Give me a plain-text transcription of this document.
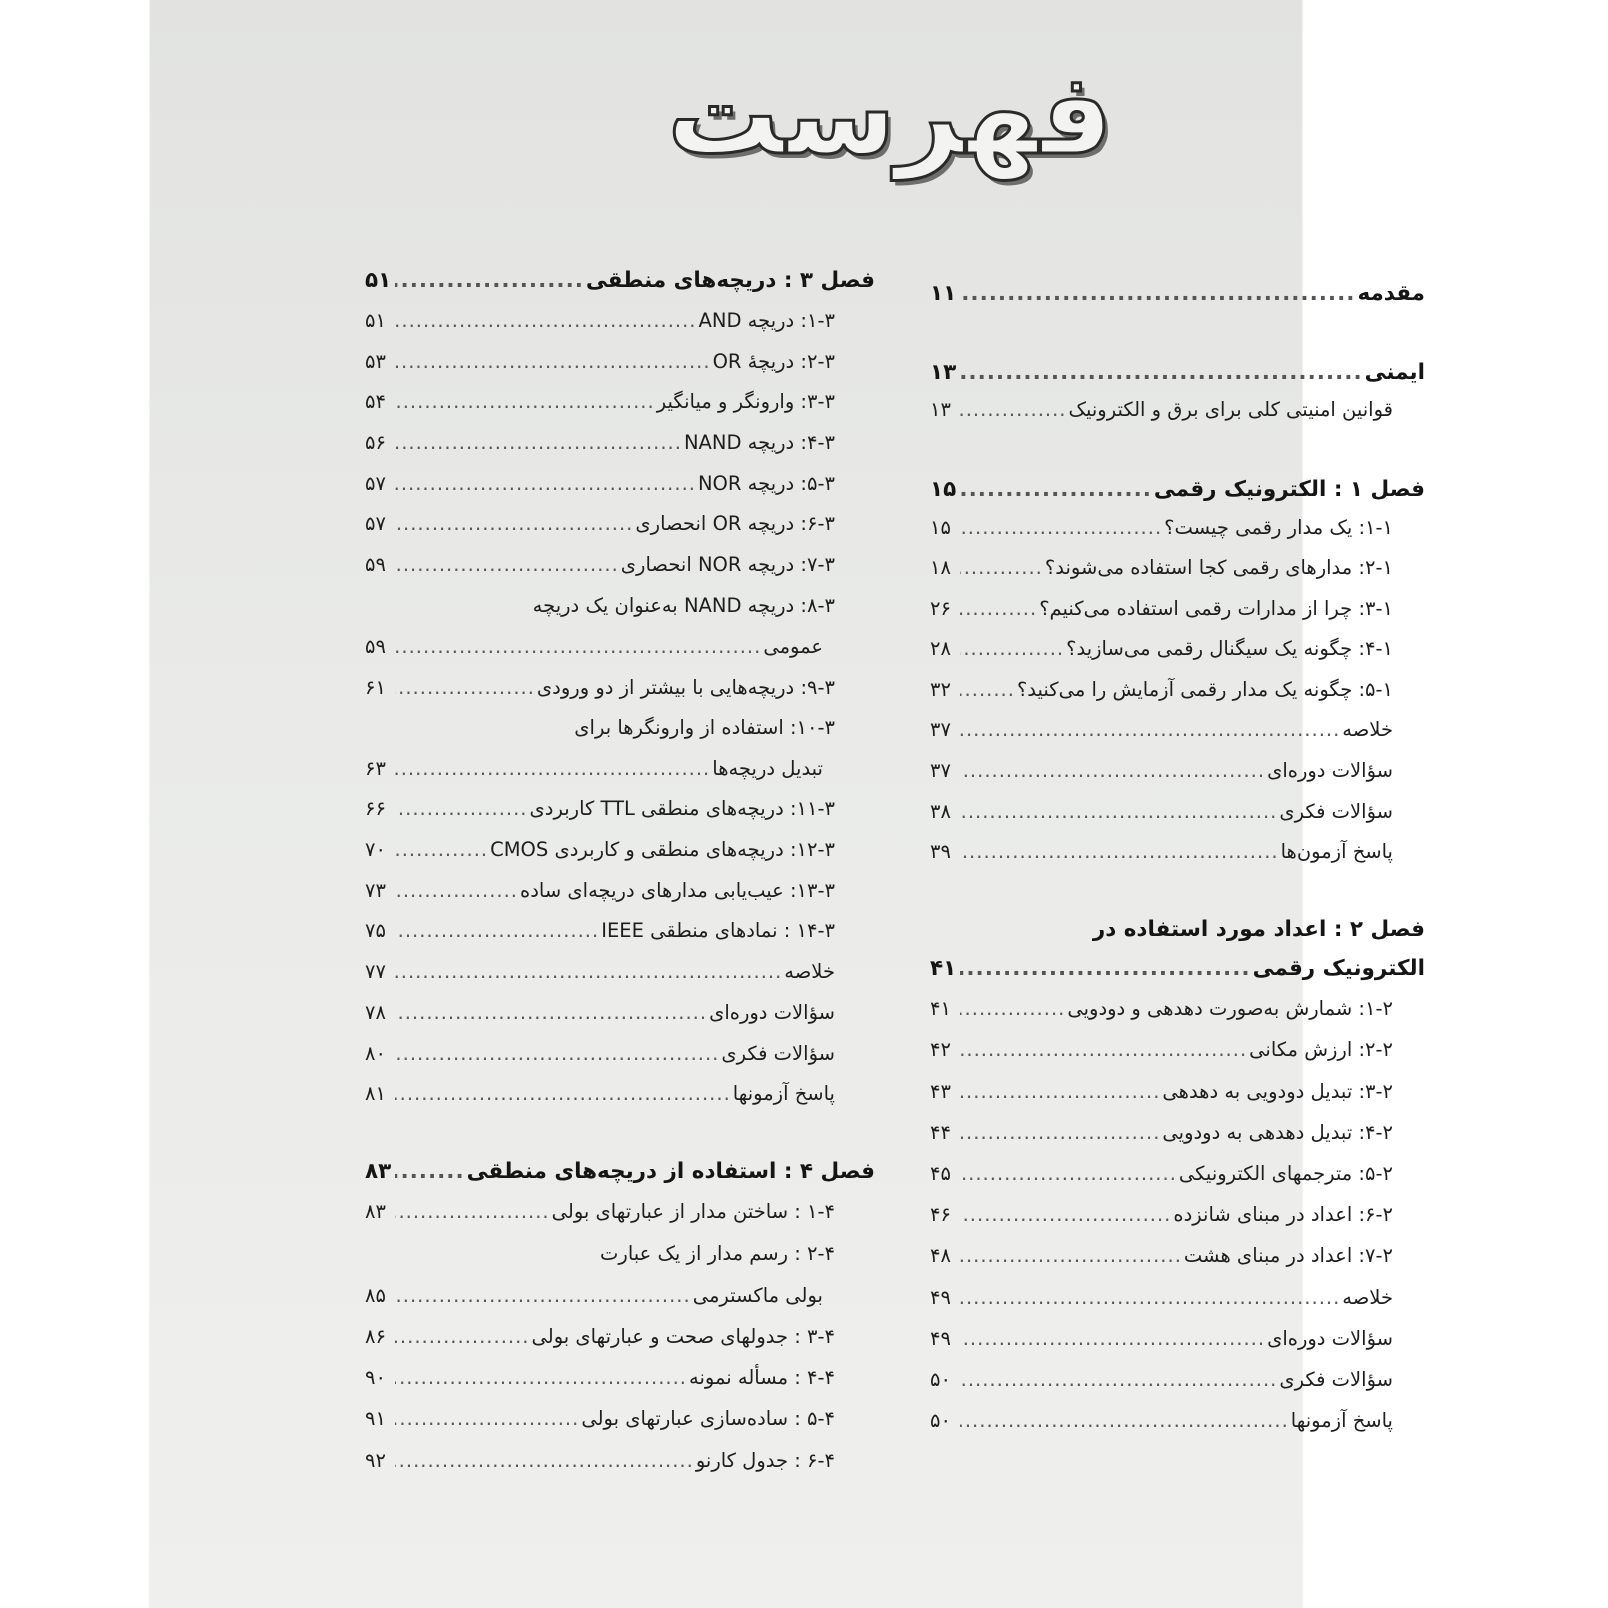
فهرست
مقدمه
.....
۱۱
ایمنی
.....
۱۳
قوانین امنیتی کلی برای برق و الکترونیک
.....
۱۳
فصل ۱ : الکترونیک رقمی
.....
۱۵
۱-۱: یک مدار رقمی چیست؟
.....
۱۵
۲-۱: مدارهای رقمی کجا استفاده می‌شوند؟
.....
۱۸
۳-۱: چرا از مدارات رقمی استفاده می‌کنیم؟
.....
۲۶
۴-۱: چگونه یک سیگنال رقمی می‌سازید؟
.....
۲۸
۵-۱: چگونه یک مدار رقمی آزمایش را می‌کنید؟
.....
۳۲
خلاصه
.....
۳۷
سؤالات دوره‌ای
.....
۳۷
سؤالات فکری
.....
۳۸
پاسخ آزمون‌ها
.....
۳۹
فصل ۲ : اعداد مورد استفاده در
الکترونیک رقمی
.....
۴۱
۱-۲: شمارش به‌صورت دهدهی و دودویی
.....
۴۱
۲-۲: ارزش مکانی
.....
۴۲
۳-۲: تبدیل دودویی به دهدهی
.....
۴۳
۴-۲: تبدیل دهدهی به دودویی
.....
۴۴
۵-۲: مترجمهای الکترونیکی
.....
۴۵
۶-۲: اعداد در مبنای شانزده
.....
۴۶
۷-۲: اعداد در مبنای هشت
.....
۴۸
خلاصه
.....
۴۹
سؤالات دوره‌ای
.....
۴۹
سؤالات فکری
.....
۵۰
پاسخ آزمونها
.....
۵۰
فصل ۳ : دریچه‌های منطقی
.....
۵۱
۱-۳: دریچه AND
.....
۵۱
۲-۳: دریچهٔ OR
.....
۵۳
۳-۳: وارونگر و میانگیر
.....
۵۴
۴-۳: دریچه NAND
.....
۵۶
۵-۳: دریچه NOR
.....
۵۷
۶-۳: دریچه OR انحصاری
.....
۵۷
۷-۳: دریچه NOR انحصاری
.....
۵۹
۸-۳: دریچه NAND به‌عنوان یک دریچه
عمومی
.....
۵۹
۹-۳: دریچه‌هایی با بیشتر از دو ورودی
.....
۶۱
۱۰-۳: استفاده از وارونگرها برای
تبدیل دریچه‌ها
.....
۶۳
۱۱-۳: دریچه‌های منطقی TTL کاربردی
.....
۶۶
۱۲-۳: دریچه‌های منطقی و کاربردی CMOS
.....
۷۰
۱۳-۳: عیب‌یابی مدارهای دریچه‌ای ساده
.....
۷۳
۱۴-۳ : نمادهای منطقی IEEE
.....
۷۵
خلاصه
.....
۷۷
سؤالات دوره‌ای
.....
۷۸
سؤالات فکری
.....
۸۰
پاسخ آزمونها
.....
۸۱
فصل ۴ : استفاده از دریچه‌های منطقی
.....
۸۳
۱-۴ : ساختن مدار از عبارتهای بولی
.....
۸۳
۲-۴ : رسم مدار از یک عبارت
بولی ماکسترمی
.....
۸۵
۳-۴ : جدولهای صحت و عبارتهای بولی
.....
۸۶
۴-۴ : مسأله نمونه
.....
۹۰
۵-۴ : ساده‌سازی عبارتهای بولی
.....
۹۱
۶-۴ : جدول کارنو
.....
۹۲
